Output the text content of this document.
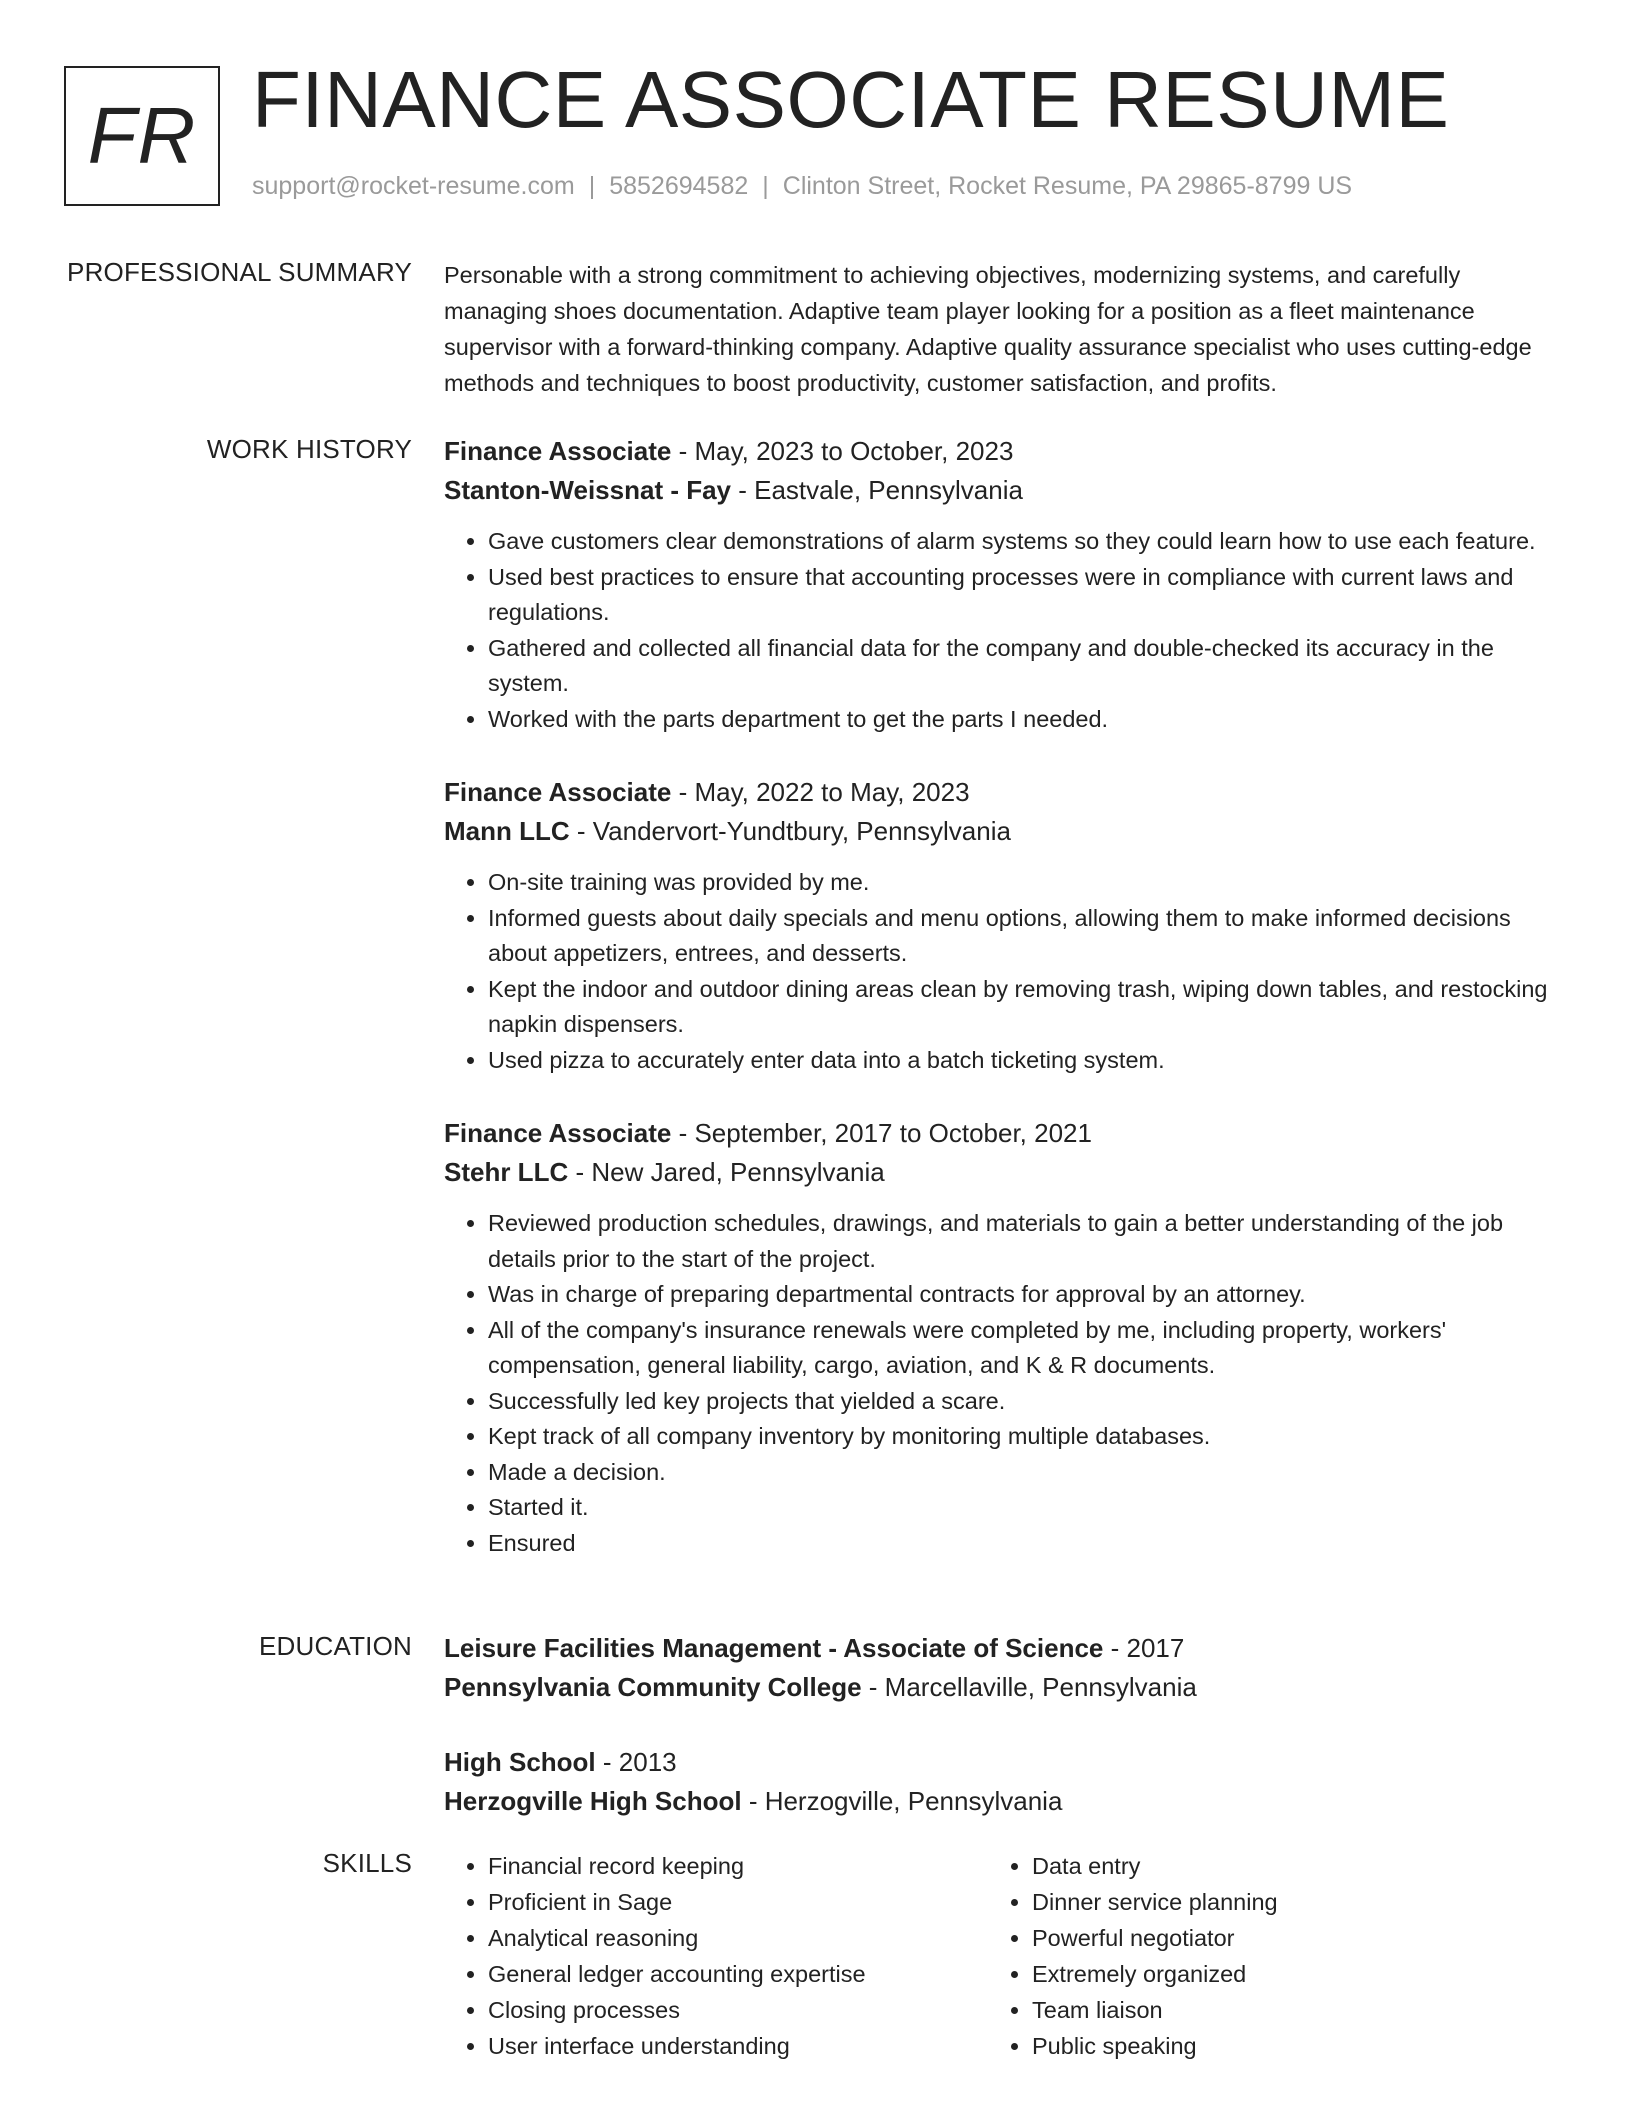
FR FINANCE ASSOCIATE RESUME
support@rocket-resume.com | 5852694582 | Clinton Street, Rocket Resume, PA 29865-8799 US
PROFESSIONAL SUMMARY Personable with a strong commitment to achieving objectives, modernizing systems, and carefully managing shoes documentation. Adaptive team player looking for a position as a fleet maintenance supervisor with a forward-thinking company. Adaptive quality assurance specialist who uses cutting-edge methods and techniques to boost productivity, customer satisfaction, and profits.

WORK HISTORY Finance Associate - May, 2023 to October, 2023
Stanton-Weissnat - Fay - Eastvale, Pennsylvania
• Gave customers clear demonstrations of alarm systems so they could learn how to use each feature.
• Used best practices to ensure that accounting processes were in compliance with current laws and regulations.
• Gathered and collected all financial data for the company and double-checked its accuracy in the system.
• Worked with the parts department to get the parts I needed.
Finance Associate - May, 2022 to May, 2023
Mann LLC - Vandervort-Yundtbury, Pennsylvania
• On-site training was provided by me.
• Informed guests about daily specials and menu options, allowing them to make informed decisions about appetizers, entrees, and desserts.
• Kept the indoor and outdoor dining areas clean by removing trash, wiping down tables, and restocking napkin dispensers.
• Used pizza to accurately enter data into a batch ticketing system.
Finance Associate - September, 2017 to October, 2021
Stehr LLC - New Jared, Pennsylvania
• Reviewed production schedules, drawings, and materials to gain a better understanding of the job details prior to the start of the project.
• Was in charge of preparing departmental contracts for approval by an attorney.
• All of the company's insurance renewals were completed by me, including property, workers' compensation, general liability, cargo, aviation, and K & R documents.
• Successfully led key projects that yielded a scare.
• Kept track of all company inventory by monitoring multiple databases.
• Made a decision.
• Started it.
• Ensured
EDUCATION Leisure Facilities Management - Associate of Science - 2017
Pennsylvania Community College - Marcellaville, Pennsylvania
High School - 2013
Herzogville High School - Herzogville, Pennsylvania
SKILLS
•	Financial record keeping
• Proficient in Sage
• Analytical reasoning
• General ledger accounting expertise
• Closing processes
• User interface understanding
• Data entry
• Dinner service planning
• Powerful negotiator
• Extremely organized
• Team liaison
• Public speaking
